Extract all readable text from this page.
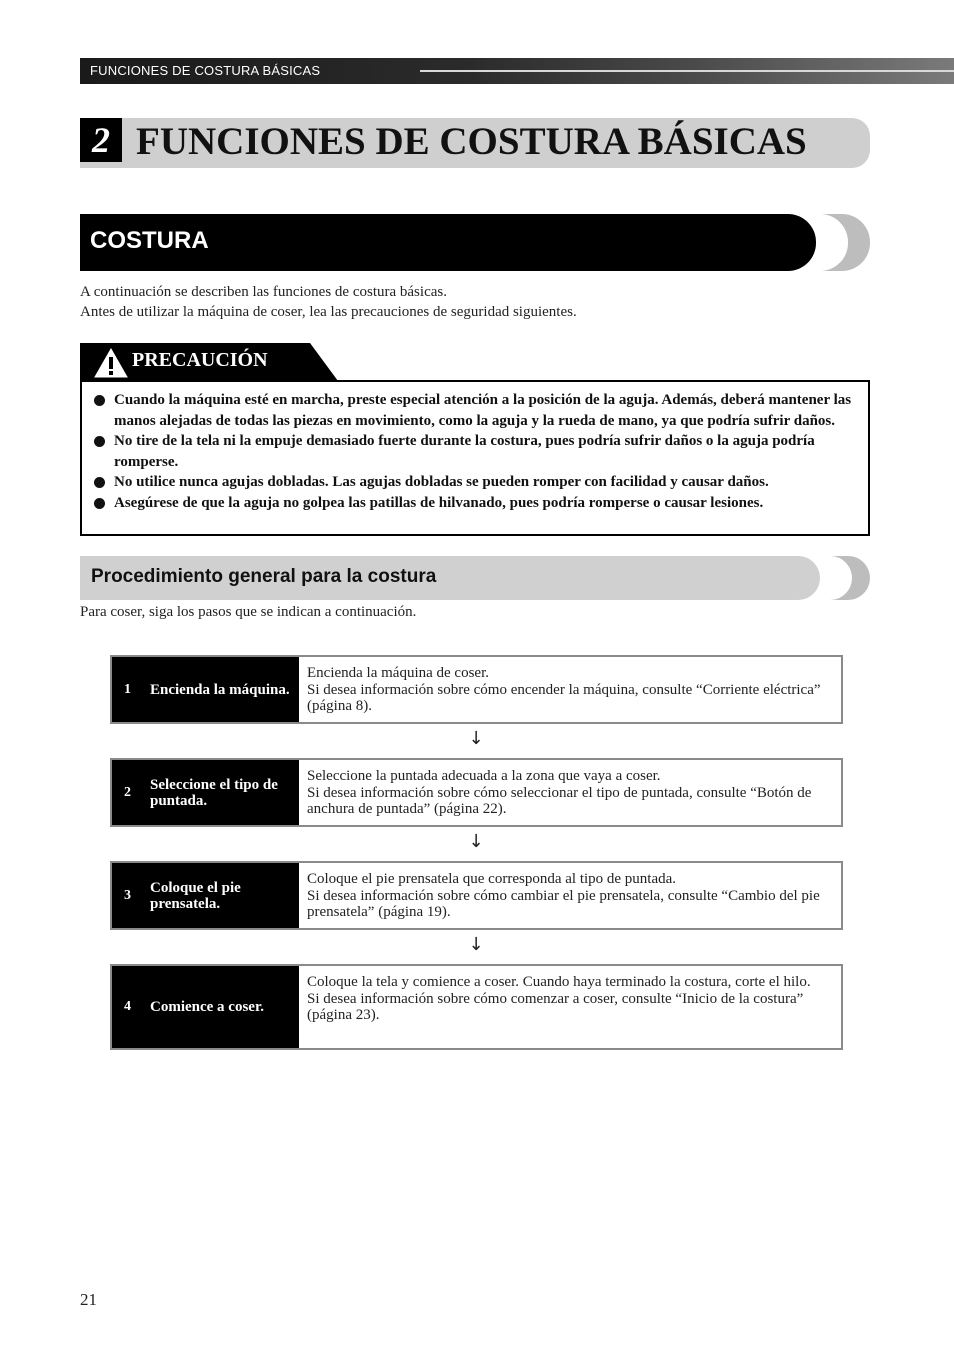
FUNCIONES DE COSTURA BÁSICAS
2 FUNCIONES DE COSTURA BÁSICAS
COSTURA
A continuación se describen las funciones de costura básicas.
Antes de utilizar la máquina de coser, lea las precauciones de seguridad siguientes.
PRECAUCIÓN
Cuando la máquina esté en marcha, preste especial atención a la posición de la aguja. Además, deberá mantener las manos alejadas de todas las piezas en movimiento, como la aguja y la rueda de mano, ya que podría sufrir daños.
No tire de la tela ni la empuje demasiado fuerte durante la costura, pues podría sufrir daños o la aguja podría romperse.
No utilice nunca agujas dobladas. Las agujas dobladas se pueden romper con facilidad y causar daños.
Asegúrese de que la aguja no golpea las patillas de hilvanado, pues podría romperse o causar lesiones.
Procedimiento general para la costura
Para coser, siga los pasos que se indican a continuación.
1 Encienda la máquina.

Encienda la máquina de coser.

Si desea información sobre cómo encender la máquina, consulte “Corriente eléctrica” (página 8).

↓
2 Seleccione el tipo de puntada.

Seleccione la puntada adecuada a la zona que vaya a coser.

Si desea información sobre cómo seleccionar el tipo de puntada, consulte “Botón de anchura de puntada” (página 22).

↓
3 Coloque el pie prensatela.

Coloque el pie prensatela que corresponda al tipo de puntada.

Si desea información sobre cómo cambiar el pie prensatela, consulte “Cambio del pie prensatela” (página 19).

↓
4 Comience a coser.

Coloque la tela y comience a coser. Cuando haya terminado la costura, corte el hilo.

Si desea información sobre cómo comenzar a coser, consulte “Inicio de la costura” (página 23).

21
